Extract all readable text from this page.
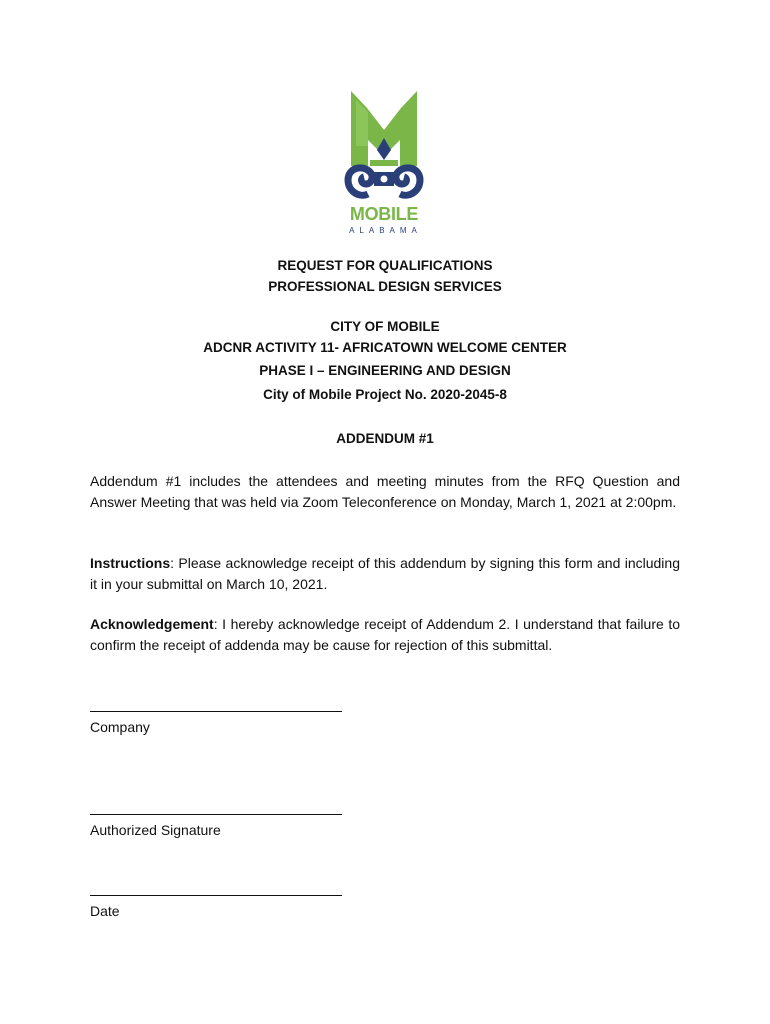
MOBILE
ALABAMA
REQUEST FOR QUALIFICATIONS
PROFESSIONAL DESIGN SERVICES
CITY OF MOBILE
ADCNR ACTIVITY 11- AFRICATOWN WELCOME CENTER
PHASE I – ENGINEERING AND DESIGN
City of Mobile Project No. 2020-2045-8
ADDENDUM #1
Addendum #1 includes the attendees and meeting minutes from the RFQ Question and Answer Meeting that was held via Zoom Teleconference on Monday, March 1, 2021 at 2:00pm.
Instructions: Please acknowledge receipt of this addendum by signing this form and including it in your submittal on March 10, 2021.
Acknowledgement: I hereby acknowledge receipt of Addendum 2. I understand that failure to confirm the receipt of addenda may be cause for rejection of this submittal.
Company
Authorized Signature
Date
